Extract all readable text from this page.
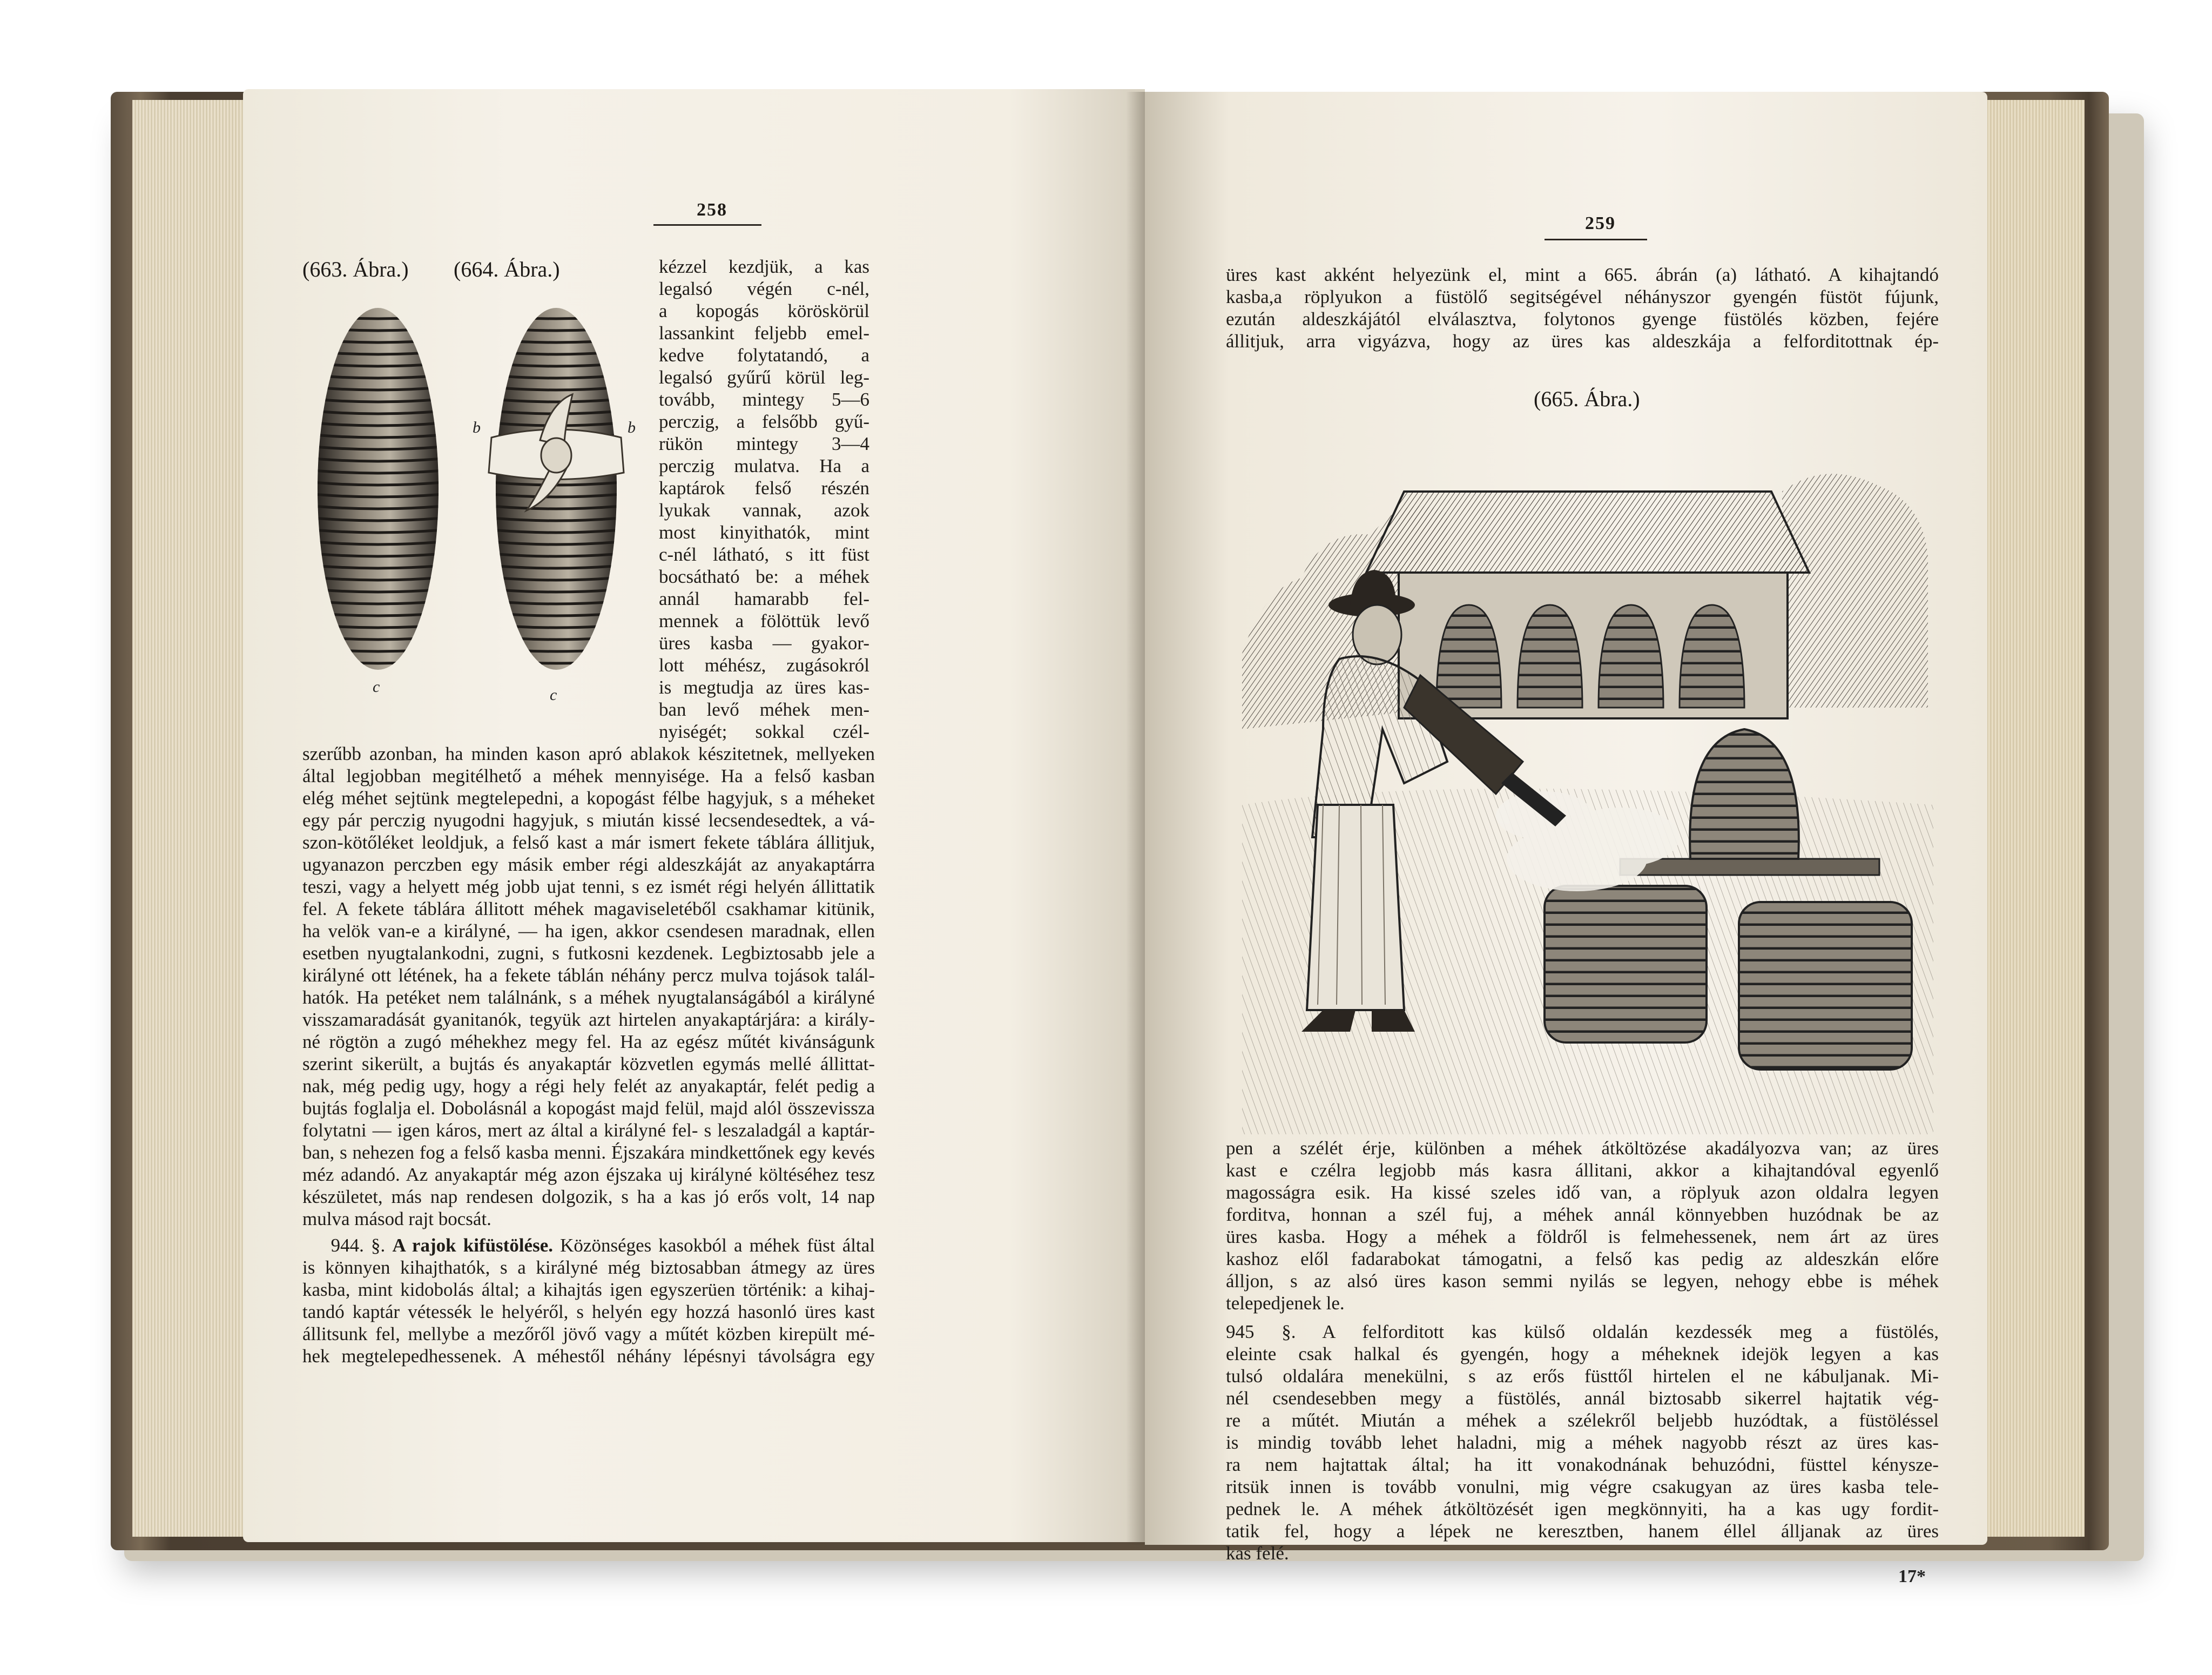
258
(663. Ábra.) (664. Ábra.)
c
b	b
c
kézzel kezdjük, a kas
legalsó végén c-nél,
a kopogás köröskörül
lassankint feljebb emel-
kedve folytatandó, a
legalsó gyűrű körül leg-
tovább, mintegy 5—6
perczig, a felsőbb gyű-
rükön mintegy 3—4
perczig mulatva. Ha a
kaptárok felső részén
lyukak vannak, azok
most kinyithatók, mint
c-nél látható, s itt füst
bocsátható be: a méhek
annál hamarabb fel-
mennek a fölöttük levő
üres kasba — gyakor-
lott méhész, zugásokról
is megtudja az üres kas-
ban levő méhek men-
nyiségét; sokkal czél-
szerűbb azonban, ha minden kason apró ablakok készitetnek, mellyeken
által legjobban megitélhető a méhek mennyisége. Ha a felső kasban
elég méhet sejtünk megtelepedni, a kopogást félbe hagyjuk, s a méheket
egy pár perczig nyugodni hagyjuk, s miután kissé lecsendesedtek, a vá-
szon-kötőléket leoldjuk, a felső kast a már ismert fekete táblára állitjuk,
ugyanazon perczben egy másik ember régi aldeszkáját az anyakaptárra
teszi, vagy a helyett még jobb ujat tenni, s ez ismét régi helyén állittatik
fel. A fekete táblára állitott méhek magaviseletéből csakhamar kitünik,
ha velök van-e a királyné, — ha igen, akkor csendesen maradnak, ellen
esetben nyugtalankodni, zugni, s futkosni kezdenek. Legbiztosabb jele a
királyné ott létének, ha a fekete táblán néhány percz mulva tojások talál-
hatók. Ha petéket nem találnánk, s a méhek nyugtalanságából a királyné
visszamaradását gyanitanók, tegyük azt hirtelen anyakaptárjára: a király-
né rögtön a zugó méhekhez megy fel. Ha az egész műtét kivánságunk
szerint sikerült, a bujtás és anyakaptár közvetlen egymás mellé állittat-
nak, még pedig ugy, hogy a régi hely felét az anyakaptár, felét pedig a
bujtás foglalja el. Dobolásnál a kopogást majd felül, majd alól összevissza
folytatni — igen káros, mert az által a királyné fel- s leszaladgál a kaptár-
ban, s nehezen fog a felső kasba menni. Éjszakára mindkettőnek egy kevés
méz adandó. Az anyakaptár még azon éjszaka uj királyné költéséhez tesz
készületet, más nap rendesen dolgozik, s ha a kas jó erős volt, 14 nap
mulva másod rajt bocsát.
944. §. A rajok kifüstölése. Közönséges kasokból a méhek füst által
is könnyen kihajthatók, s a királyné még biztosabban átmegy az üres
kasba, mint kidobolás által; a kihajtás igen egyszerüen történik: a kihaj-
tandó kaptár vétessék le helyéről, s helyén egy hozzá hasonló üres kast
állitsunk fel, mellybe a mezőről jövő vagy a műtét közben kirepült mé-
hek megtelepedhessenek. A méhestől néhány lépésnyi távolságra egy
259
üres kast akként helyezünk el, mint a 665. ábrán (a) látható. A kihajtandó
kasba,a röplyukon a füstölő segitségével néhányszor gyengén füstöt fújunk,
ezután aldeszkájától elválasztva, folytonos gyenge füstölés közben, fejére
állitjuk, arra vigyázva, hogy az üres kas aldeszkája a felforditottnak ép-
(665. Ábra.)
pen a szélét érje, különben a méhek átköltözése akadályozva van; az üres
kast e czélra legjobb más kasra állitani, akkor a kihajtandóval egyenlő
magosságra esik. Ha kissé szeles idő van, a röplyuk azon oldalra legyen
forditva, honnan a szél fuj, a méhek annál könnyebben huzódnak be az
üres kasba. Hogy a méhek a földről is felmehessenek, nem árt az üres
kashoz elől fadarabokat támogatni, a felső kas pedig az aldeszkán előre
álljon, s az alsó üres kason semmi nyilás se legyen, nehogy ebbe is méhek
telepedjenek le.
945 §. A felforditott kas külső oldalán kezdessék meg a füstölés,
eleinte csak halkal és gyengén, hogy a méheknek idejök legyen a kas
tulsó oldalára menekülni, s az erős füsttől hirtelen el ne kábuljanak. Mi-
nél csendesebben megy a füstölés, annál biztosabb sikerrel hajtatik vég-
re a műtét. Miután a méhek a szélekről beljebb huzódtak, a füstöléssel
is mindig tovább lehet haladni, mig a méhek nagyobb részt az üres kas-
ra nem hajtattak által; ha itt vonakodnának behuzódni, füsttel kénysze-
ritsük innen is tovább vonulni, mig végre csakugyan az üres kasba tele-
pednek le. A méhek átköltözését igen megkönnyiti, ha a kas ugy fordit-
tatik fel, hogy a lépek ne keresztben, hanem éllel álljanak az üres
kas felé.
17*
